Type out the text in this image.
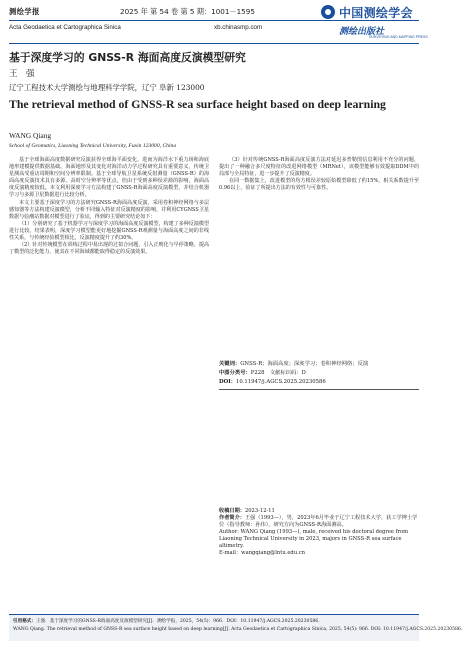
测绘学报	2025 年 第 54 卷 第 5 期：1001－1595
Acta Geodaetica et Cartographica Sinica	xb.chinasmp.com
中国测绘学会
测绘出版社
SURVEYING AND MAPPING PRESS
基于深度学习的 GNSS-R 海面高度反演模型研究
王　强
辽宁工程技术大学测绘与地理科学学院，辽宁 阜新 123000
The retrieval method of GNSS-R sea surface height based on deep learning
WANG Qiang
School of Geomatics, Liaoning Technical University, Fuxin 123000, China

基于全球海面高度数据研究反演获得全球海平面变化，进而为海洋水下重力场和海底地形建模提供数据基础。海面地形及其变化对海洋动力学过程研究具有重要意义，传统卫星测高受重访周期和空间分辨率限制。基于全球导航卫星系统反射测量（GNSS-R）的海面高度反演技术具有多源、高时空分辨率等优点，但由于受到多种误差源的影响，海面高度反演精度较低。本文利用深度学习方法构建了GNSS-R海面高度反演模型，并结合机器学习与多源卫星数据进行比较分析。

本文主要基于深度学习的方法研究GNSS-R海面高度反演，采用卷积神经网络与多层感知器等方法构建反演模型，分析不同输入特征对反演精度的影响，并利用CYGNSS卫星数据与验潮站数据对模型进行了验证，得到的主要研究结论如下：

（1）分别研究了基于机器学习与深度学习的海面高度反演模型，构建了多种反演模型进行比较。结果表明，深度学习模型能更好地挖掘GNSS-R观测量与海面高度之间的非线性关系，与传统经验模型相比，反演精度提升了约30%。

（2）针对传统模型在训练过程中易出现的过拟合问题，引入正则化与早停策略，提高了模型的泛化能力，使其在不同海域都能取得稳定的反演效果。

（3）针对传统GNSS-R海面高度反演方法对延迟多普勒图信息利用不充分的问题，提出了一种融合多尺度特征的改进网络模型（MRNet），该模型能够有效提取DDM中的局部与全局特征，进一步提升了反演精度。

在同一数据集上，改进模型的均方根误差较原始模型降低了约15%，相关系数提升至0.96以上，验证了所提出方法的有效性与可靠性。

关键词：GNSS-R；海面高度；深度学习；卷积神经网络；反演
中图分类号：P228　文献标识码：D
DOI：10.11947/j.AGCS.2025.20230586

收稿日期：2023-12-11

作者简介：王强（1993—），男，2023年6月毕业于辽宁工程技术大学，获工学博士学位（指导教师：孙伟），研究方向为GNSS-R海面测高。

Author: WANG Qiang (1993—), male, received his doctoral degree from Liaoning Technical University in 2023, majors in GNSS-R sea surface altimetry.

E-mail：wangqiang@lntu.edu.cn

引用格式：王强．基于深度学习的GNSS-R海面高度反演模型研究[J]．测绘学报，2025，54(5)：966．DOI：10.11947/j.AGCS.2025.20230586．
WANG Qiang. The retrieval method of GNSS-R sea surface height based on deep learning[J]. Acta Geodaetica et Cartographica Sinica, 2025, 54(5): 966. DOI: 10.11947/j.AGCS.2025.20230586.
